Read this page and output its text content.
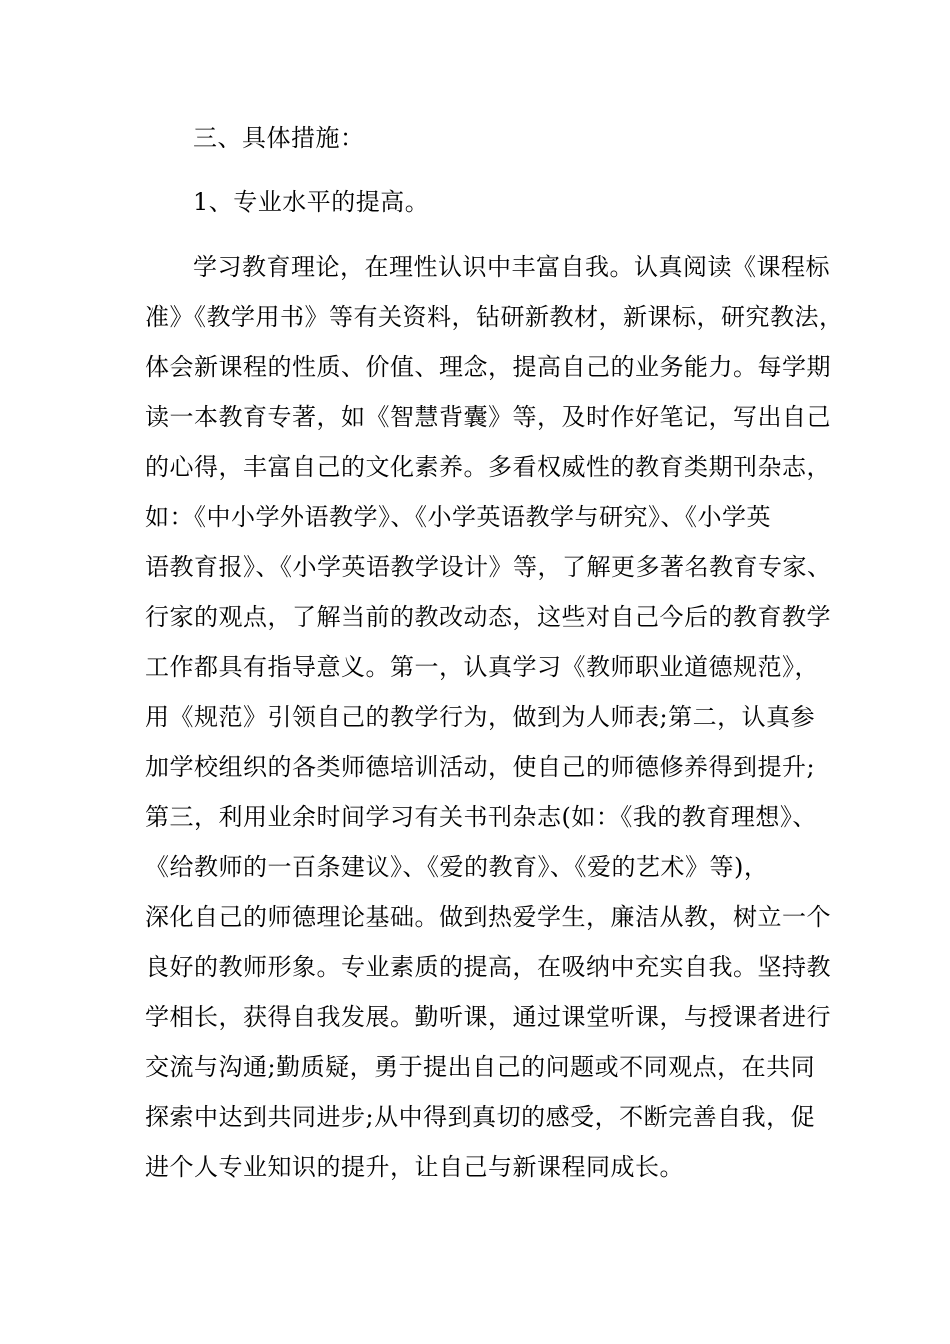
三、具体措施：

1、专业水平的提高。

学习教育理论，在理性认识中丰富自我。认真阅读《课程标
准》《教学用书》等有关资料，钻研新教材，新课标，研究教法，
体会新课程的性质、价值、理念，提高自己的业务能力。每学期
读一本教育专著，如《智慧背囊》等，及时作好笔记，写出自己
的心得，丰富自己的文化素养。多看权威性的教育类期刊杂志，
如：《中小学外语教学》、《小学英语教学与研究》、《小学英
语教育报》、《小学英语教学设计》等，了解更多著名教育专家、
行家的观点，了解当前的教改动态，这些对自己今后的教育教学
工作都具有指导意义。第一，认真学习《教师职业道德规范》，
用《规范》引领自己的教学行为，做到为人师表;第二，认真参
加学校组织的各类师德培训活动，使自己的师德修养得到提升;
第三，利用业余时间学习有关书刊杂志(如：《我的教育理想》、
《给教师的一百条建议》、《爱的教育》、《爱的艺术》等)，
深化自己的师德理论基础。做到热爱学生，廉洁从教，树立一个
良好的教师形象。专业素质的提高，在吸纳中充实自我。坚持教
学相长，获得自我发展。勤听课，通过课堂听课，与授课者进行
交流与沟通;勤质疑，勇于提出自己的问题或不同观点，在共同
探索中达到共同进步;从中得到真切的感受，不断完善自我，促
进个人专业知识的提升，让自己与新课程同成长。
